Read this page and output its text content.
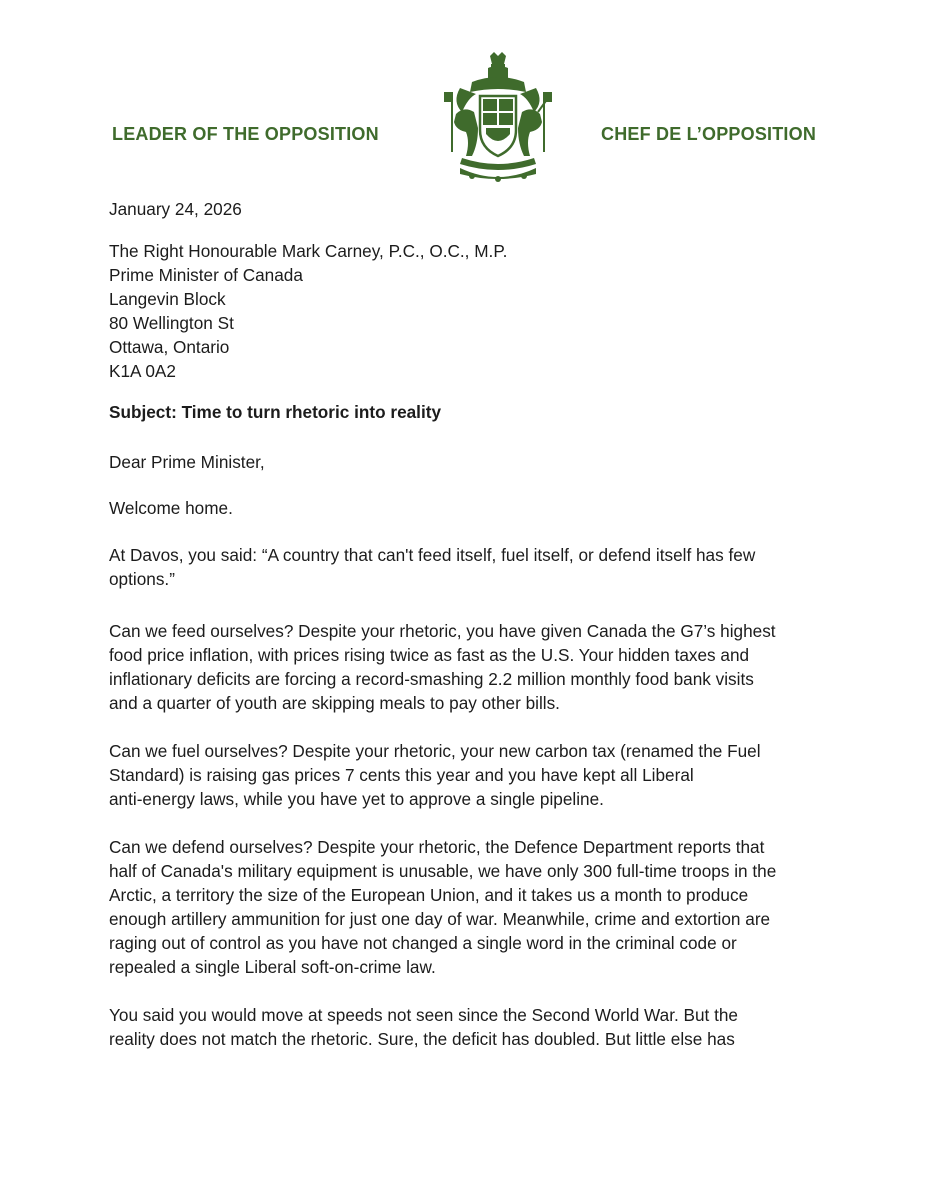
LEADER OF THE OPPOSITION	CHEF DE L’OPPOSITION
January 24, 2026
The Right Honourable Mark Carney, P.C., O.C., M.P.
Prime Minister of Canada
Langevin Block
80 Wellington St
Ottawa, Ontario
K1A 0A2
Subject: Time to turn rhetoric into reality
Dear Prime Minister,
Welcome home.
At Davos, you said: “A country that can't feed itself, fuel itself, or defend itself has few
options.”
Can we feed ourselves? Despite your rhetoric, you have given Canada the G7’s highest
food price inflation, with prices rising twice as fast as the U.S. Your hidden taxes and
inflationary deficits are forcing a record-smashing 2.2 million monthly food bank visits
and a quarter of youth are skipping meals to pay other bills.
Can we fuel ourselves? Despite your rhetoric, your new carbon tax (renamed the Fuel
Standard) is raising gas prices 7 cents this year and you have kept all Liberal
anti-energy laws, while you have yet to approve a single pipeline.
Can we defend ourselves? Despite your rhetoric, the Defence Department reports that
half of Canada's military equipment is unusable, we have only 300 full-time troops in the
Arctic, a territory the size of the European Union, and it takes us a month to produce
enough artillery ammunition for just one day of war. Meanwhile, crime and extortion are
raging out of control as you have not changed a single word in the criminal code or
repealed a single Liberal soft-on-crime law.
You said you would move at speeds not seen since the Second World War. But the
reality does not match the rhetoric. Sure, the deficit has doubled. But little else has
